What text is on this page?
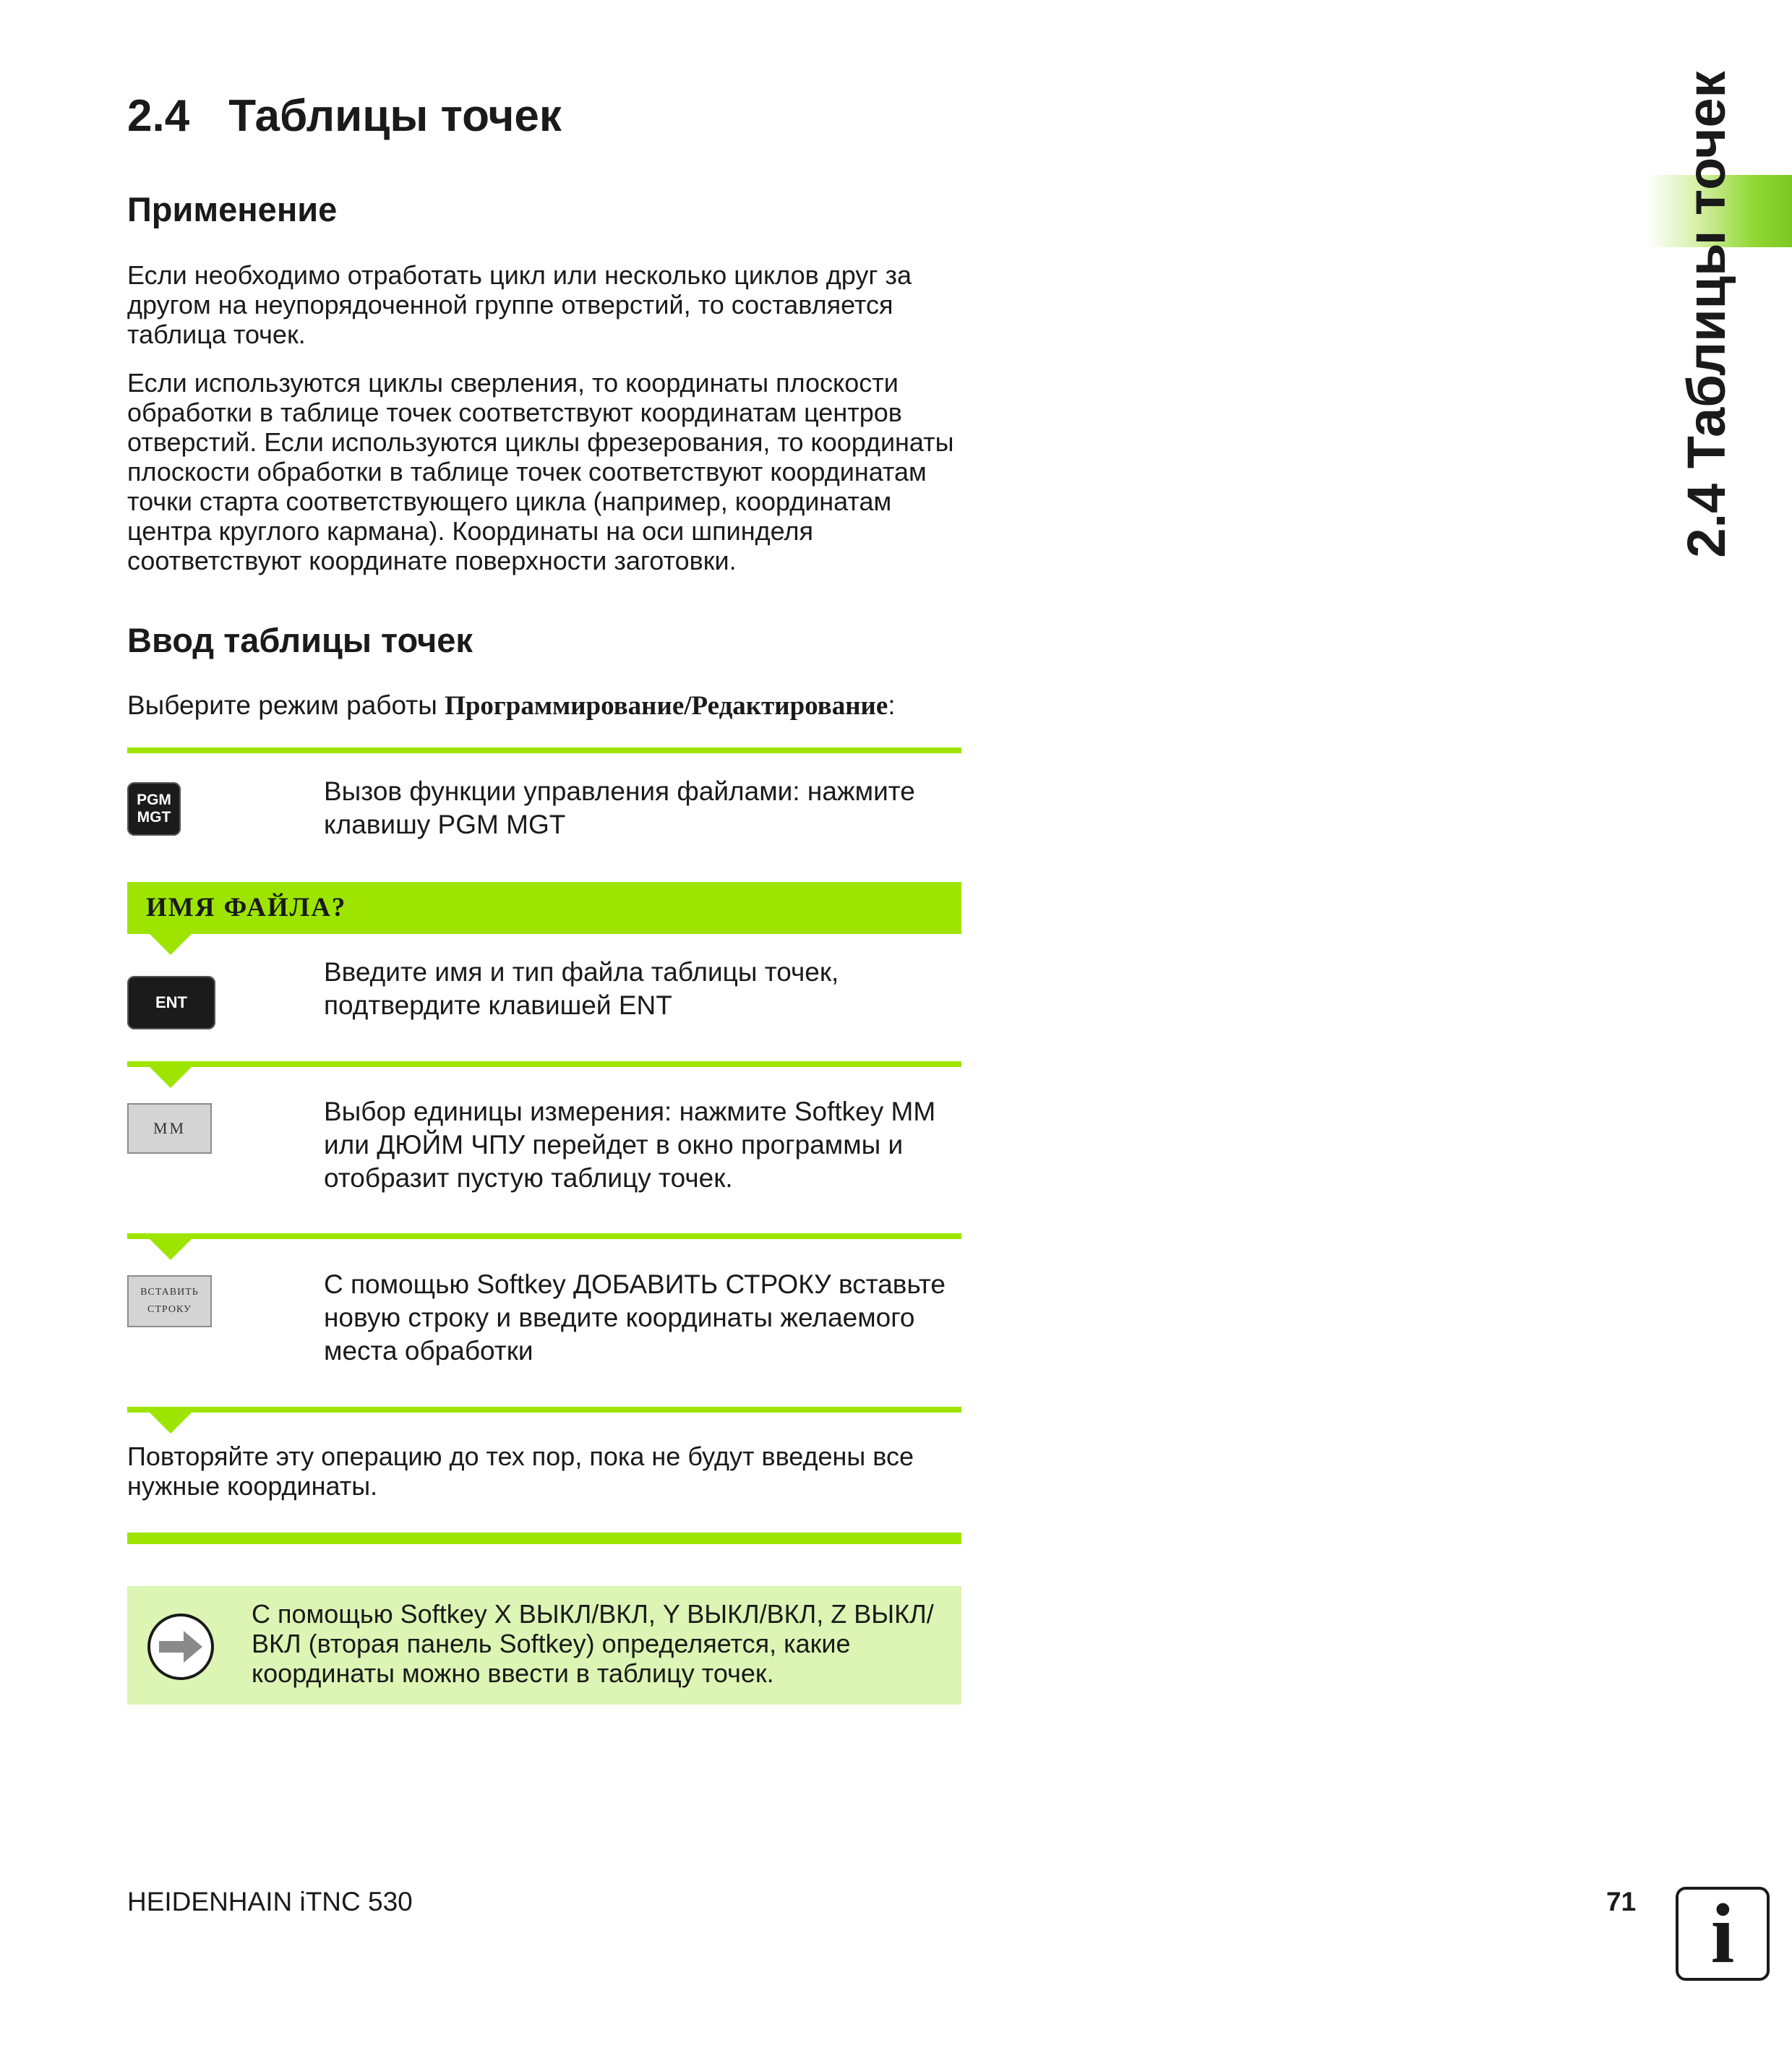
2.4 Таблицы точек
Применение

Если необходимо отработать цикл или несколько циклов друг за другом на неупорядоченной группе отверстий, то составляется таблица точек.

Если используются циклы сверления, то координаты плоскости обработки в таблице точек соответствуют координатам центров отверстий. Если используются циклы фрезерования, то координаты плоскости обработки в таблице точек соответствуют координатам точки старта соответствующего цикла (например, координатам центра круглого кармана). Координаты на оси шпинделя соответствуют координате поверхности заготовки.

Ввод таблицы точек
Выберите режим работы Программирование/Редактирование:
PGM
MGT
Вызов функции управления файлами: нажмите клавишу PGM MGT
ИМЯ ФАЙЛА?
ENT
Введите имя и тип файла таблицы точек, подтвердите клавишей ENT
MM
Выбор единицы измерения: нажмите Softkey MM или ДЮЙМ ЧПУ перейдет в окно программы и отобразит пустую таблицу точек.
ВСТАВИТЬ
СТРОКУ
С помощью Softkey ДОБАВИТЬ СТРОКУ вставьте новую строку и введите координаты желаемого места обработки
Повторяйте эту операцию до тех пор, пока не будут введены все нужные координаты.
С помощью Softkey X ВЫКЛ/ВКЛ, Y ВЫКЛ/ВКЛ, Z ВЫКЛ/ВКЛ (вторая панель Softkey) определяется, какие координаты можно ввести в таблицу точек.
2.4 Таблицы точек
HEIDENHAIN iTNC 530	71 i
